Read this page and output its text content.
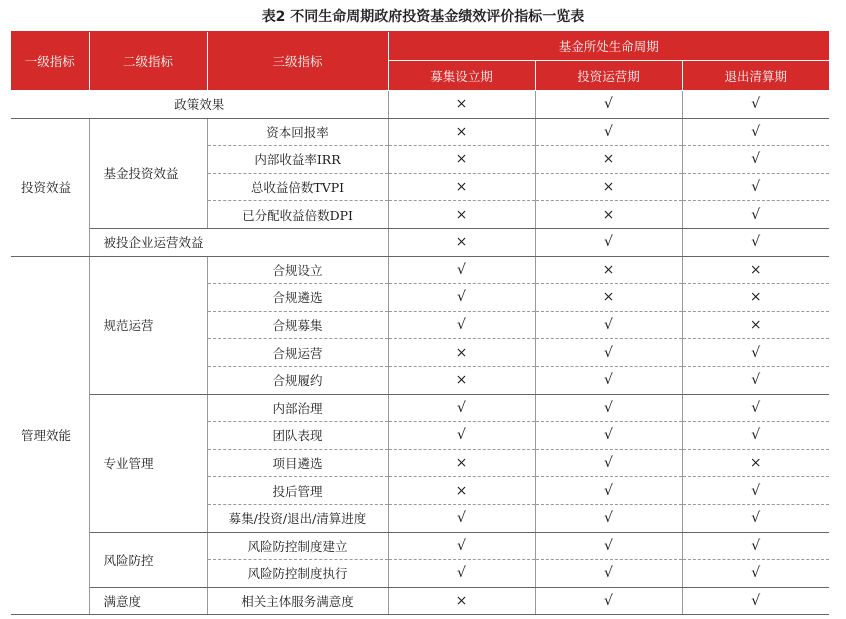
表2 不同生命周期政府投资基金绩效评价指标一览表
一级指标	二级指标	三级指标	基金所处生命周期		
			募集设立期	投资运营期	退出清算期
政策效果			×	√	√
投资效益	基金投资效益	资本回报率	×	√	√
		内部收益率IRR	×	×	√
		总收益倍数TVPI	×	×	√
		已分配收益倍数DPI	×	×	√
	被投企业运营效益		×	√	√
管理效能	规范运营	合规设立	√	×	×
		合规遴选	√	×	×
		合规募集	√	√	×
		合规运营	×	√	√
		合规履约	×	√	√
	专业管理	内部治理	√	√	√
		团队表现	√	√	√
		项目遴选	×	√	×
		投后管理	×	√	√
		募集/投资/退出/清算进度	√	√	√
	风险防控	风险防控制度建立	√	√	√
		风险防控制度执行	√	√	√
	满意度	相关主体服务满意度	×	√	√
